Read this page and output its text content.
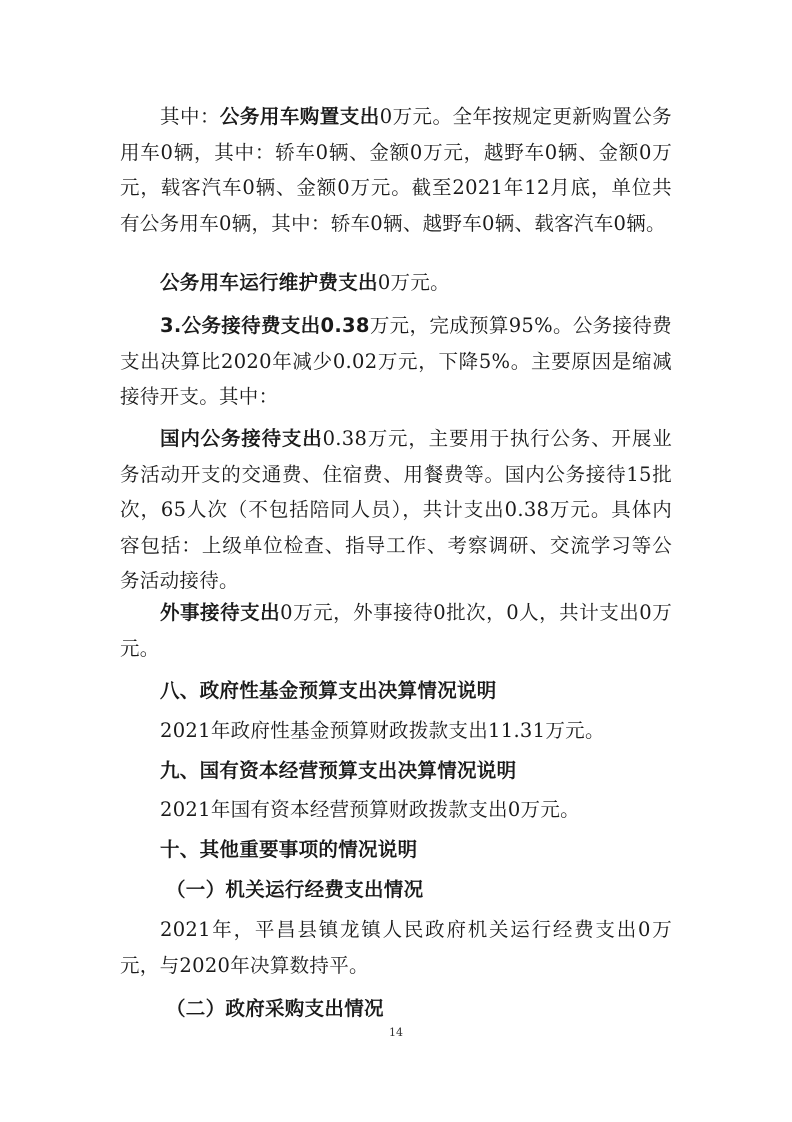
其中：公务用车购置支出0万元。全年按规定更新购置公务用车0辆，其中：轿车0辆、金额0万元，越野车0辆、金额0万元，载客汽车0辆、金额0万元。截至2021年12月底，单位共有公务用车0辆，其中：轿车0辆、越野车0辆、载客汽车0辆。

公务用车运行维护费支出0万元。

3.公务接待费支出0.38万元，完成预算95%。公务接待费支出决算比2020年减少0.02万元，下降5%。主要原因是缩减接待开支。其中：

国内公务接待支出0.38万元，主要用于执行公务、开展业务活动开支的交通费、住宿费、用餐费等。国内公务接待15批次，65人次（不包括陪同人员），共计支出0.38万元。具体内容包括：上级单位检查、指导工作、考察调研、交流学习等公务活动接待。

外事接待支出0万元，外事接待0批次，0人，共计支出0万元。

八、政府性基金预算支出决算情况说明

2021年政府性基金预算财政拨款支出11.31万元。

九、国有资本经营预算支出决算情况说明

2021年国有资本经营预算财政拨款支出0万元。

十、其他重要事项的情况说明

（一）机关运行经费支出情况

2021年，平昌县镇龙镇人民政府机关运行经费支出0万元，与2020年决算数持平。

（二）政府采购支出情况

14
